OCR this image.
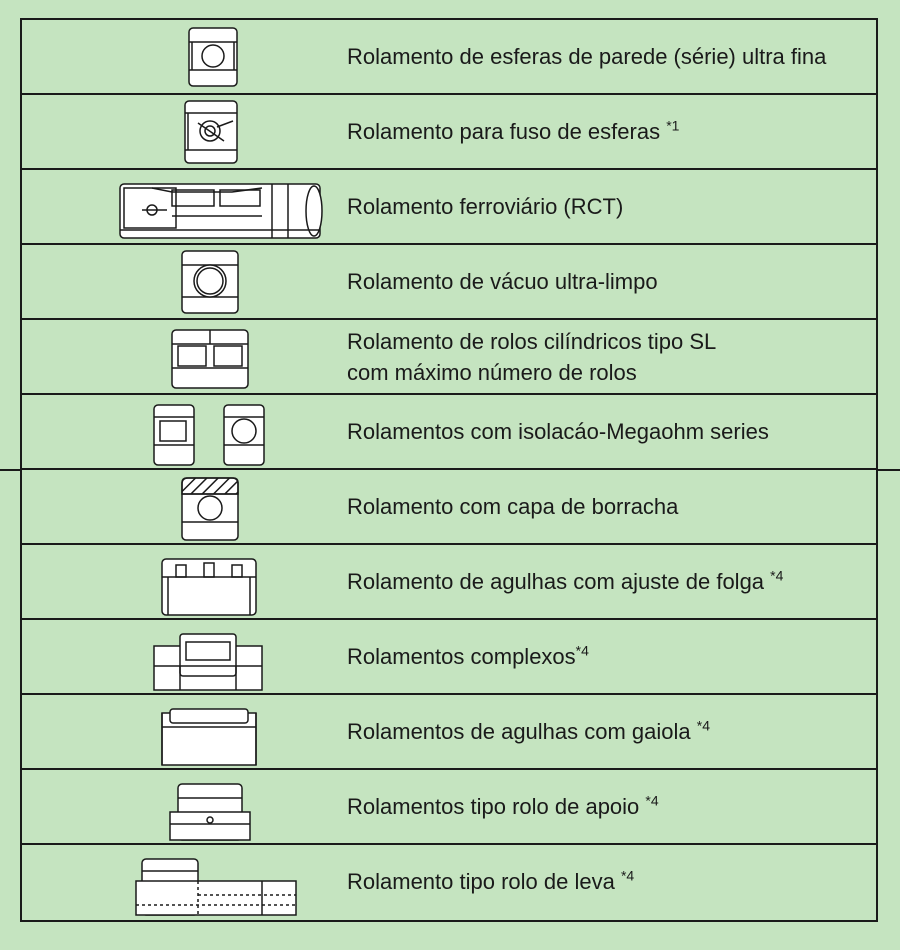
Rolamento de esferas de parede (série) ultra fina
Rolamento para fuso de esferas $^{*1}$
Rolamento ferroviário (RCT)
Rolamento de vácuo ultra-limpo
Rolamento de rolos cilíndricos tipo SL
com máximo número de rolos
Rolamentos com isolacáo-Megaohm series
Rolamento com capa de borracha
Rolamento de agulhas com ajuste de folga $^{*4}$
Rolamentos complexos$^{*4}$
Rolamentos de agulhas com gaiola $^{*4}$
Rolamentos tipo rolo de apoio $^{*4}$
Rolamento tipo rolo de leva $^{*4}$
